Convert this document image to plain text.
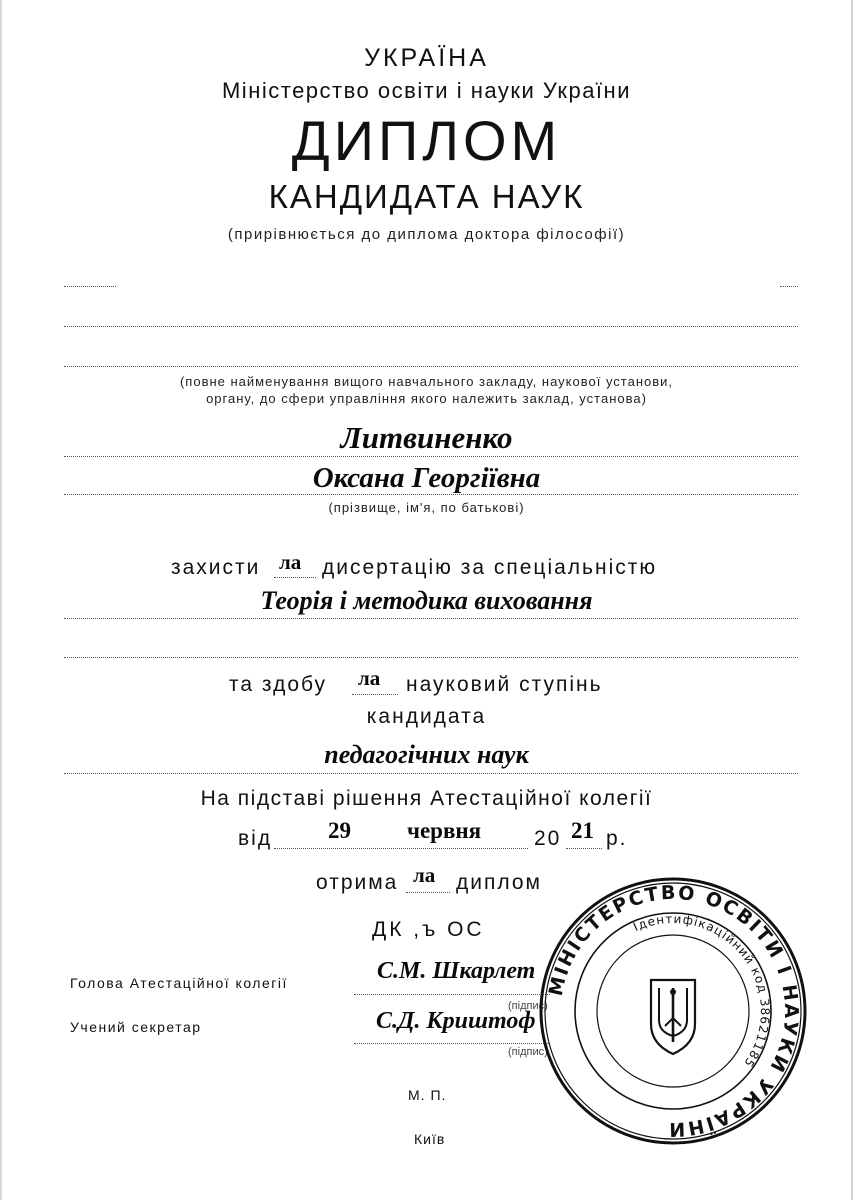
УКРАЇНА
Міністерство освіти і науки України
ДИПЛОМ
КАНДИДАТА НАУК
(прирівнюється до диплома доктора філософії)
(повне найменування вищого навчального закладу, наукової установи,
органу, до сфери управління якого належить заклад, установа)
Литвиненко
Оксана Георгіївна
(прізвище, ім'я, по батькові)
захисти ла дисертацію за спеціальністю
Теорія і методика виховання
та здобу ла науковий ступінь
кандидата
педагогічних наук
На підставі рішення Атестаційної колегії
від 29 червня	20 21 р.
отрима ла диплом
ДК ,ъ ОС
Голова Атестаційної колегії	С.М. Шкарлет
(підпис)
Учений секретар	С.Д. Криштоф
(підпис)
М. П.
Київ
МІНІСТЕРСТВО ОСВІТИ І НАУКИ УКРАЇНИ
Ідентифікаційний код 38621185
